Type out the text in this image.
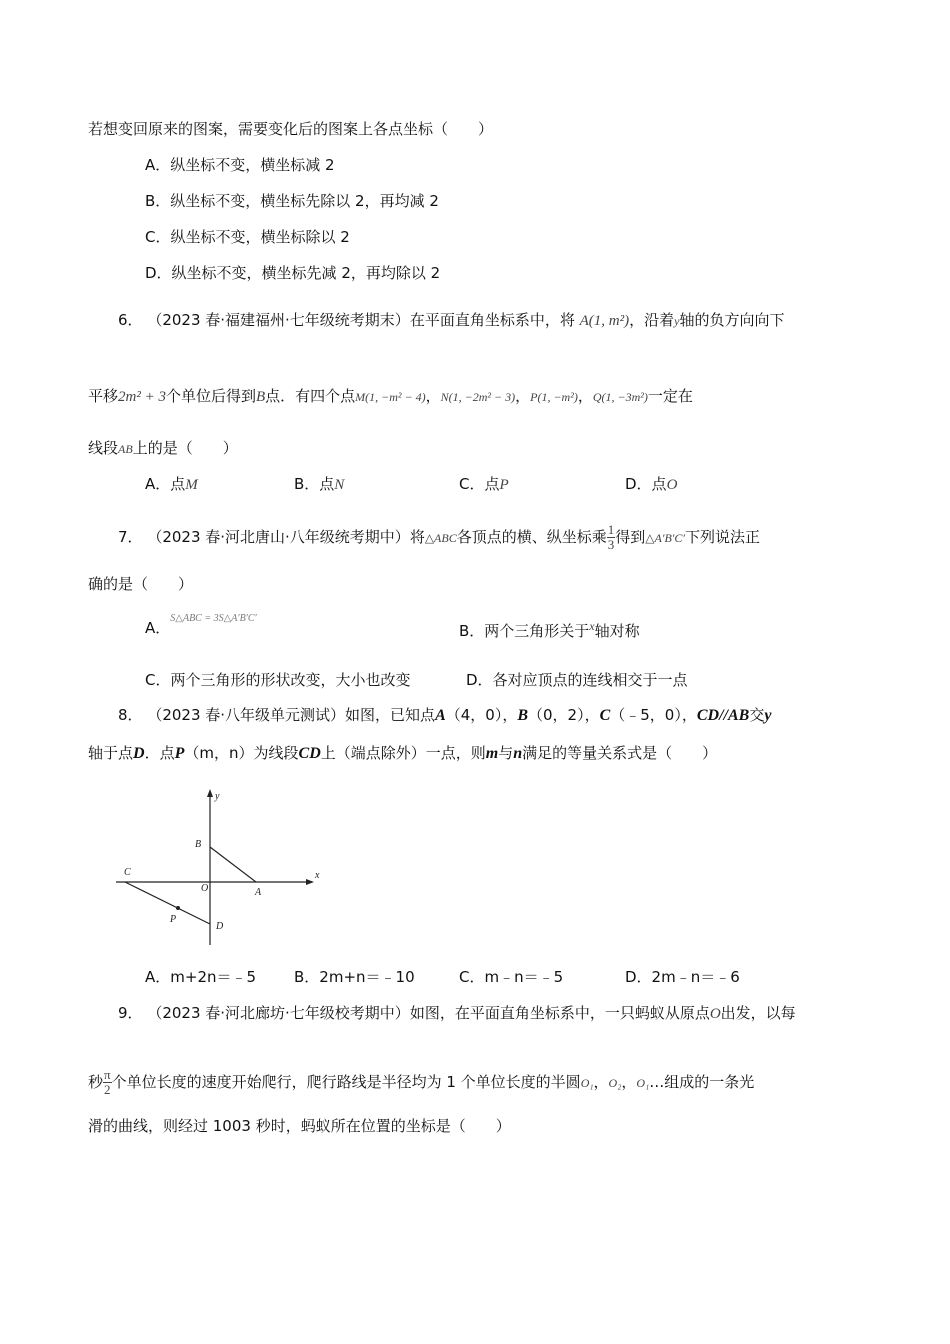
若想变回原来的图案，需要变化后的图案上各点坐标（　　）
A．纵坐标不变，横坐标减 2
B．纵坐标不变，横坐标先除以 2，再均减 2
C．纵坐标不变，横坐标除以 2
D．纵坐标不变，横坐标先减 2，再均除以 2
6． （2023 春·福建福州·七年级统考期末）在平面直角坐标系中，将 A(1, m²)，沿着y轴的负方向向下
平移2m² + 3个单位后得到B点．有四个点M(1, −m² − 4)，N(1, −2m² − 3)，P(1, −m²)，Q(1, −3m²)一定在
线段AB上的是（　　）
A．点M	B．点N	C．点P	D．点O
7． （2023 春·河北唐山·八年级统考期中）将△ABC各顶点的横、纵坐标乘 $\frac{1}{3}$ 得到△A′B′C′下列说法正
确的是（　　）
A．$^{S\triangle ABC = 3S\triangle A'B'C'}$
B．两个三角形关于$^x$轴对称
C．两个三角形的形状改变，大小也改变	D．各对应顶点的连线相交于一点
8． （2023 春·八年级单元测试）如图，已知点A（4，0），B（0，2），C（﹣5，0），CD//AB交y
轴于点D．点P（m，n）为线段CD上（端点除外）一点，则m与n满足的等量关系式是（　　）
y
x
B
C
O	A
P
D
A．m+2n＝﹣5	B．2m+n＝﹣10	C．m﹣n＝﹣5	D．2m﹣n＝﹣6
9． （2023 春·河北廊坊·七年级校考期中）如图，在平面直角坐标系中，一只蚂蚁从原点O出发，以每
秒 $\frac{\pi}{2}$ 个单位长度的速度开始爬行，爬行路线是半径均为 1 个单位长度的半圆O₁，O₂，O₁…组成的一条光
滑的曲线，则经过 1003 秒时，蚂蚁所在位置的坐标是（　　）
